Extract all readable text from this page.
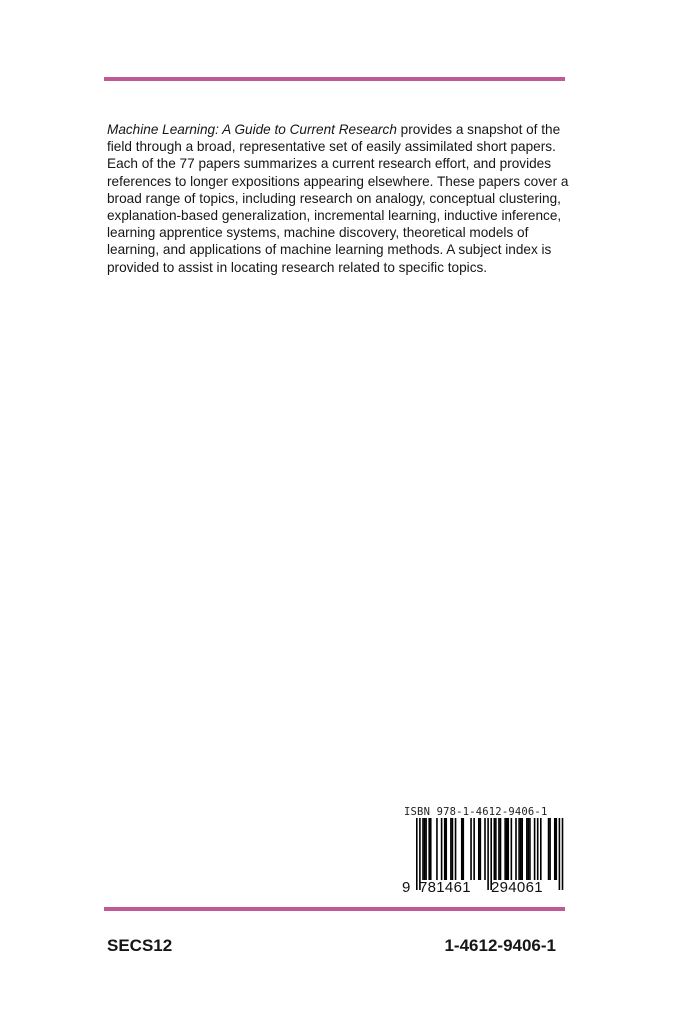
Machine Learning: A Guide to Current Research provides a snapshot of the field through a broad, representative set of easily assimilated short papers. Each of the 77 papers summarizes a current research effort, and provides references to longer expositions appearing elsewhere. These papers cover a broad range of topics, including research on analogy, conceptual clustering, explanation-based generalization, incremental learning, inductive inference, learning apprentice systems, machine discovery, theoretical models of learning, and applications of machine learning methods. A subject index is provided to assist in locating research related to specific topics.

ISBN 978-1-4612-9406-1
9 781461 294061

SECS12	1-4612-9406-1
